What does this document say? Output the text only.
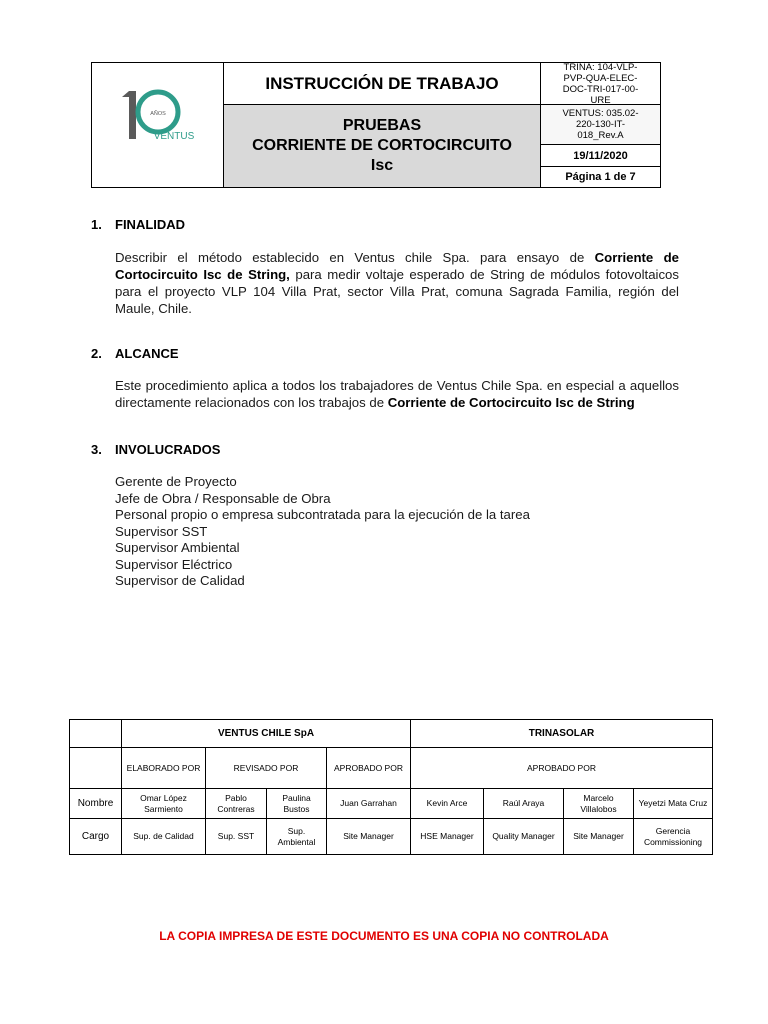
AÑOS
VENTUS
INSTRUCCIÓN DE TRABAJO
PRUEBAS
CORRIENTE DE CORTOCIRCUITO
Isc
TRINA: 104-VLP-PVP-QUA-ELEC-DOC-TRI-017-00-URE
VENTUS: 035.02-220-130-IT-018_Rev.A
19/11/2020
Página 1 de 7
1. FINALIDAD
Describir el método establecido en Ventus chile Spa. para ensayo de Corriente de Cortocircuito Isc de String, para medir voltaje esperado de String de módulos fotovoltaicos para el proyecto VLP 104 Villa Prat, sector Villa Prat, comuna Sagrada Familia, región del Maule, Chile.
2. ALCANCE
Este procedimiento aplica a todos los trabajadores de Ventus Chile Spa. en especial a aquellos directamente relacionados con los trabajos de Corriente de Cortocircuito Isc de String
3. INVOLUCRADOS
Gerente de Proyecto
Jefe de Obra / Responsable de Obra
Personal propio o empresa subcontratada para la ejecución de la tarea
Supervisor SST
Supervisor Ambiental
Supervisor Eléctrico
Supervisor de Calidad
	VENTUS CHILE SpA				TRINASOLAR			
	ELABORADO POR	REVISADO POR		APROBADO POR	APROBADO POR			
Nombre	Omar López Sarmiento	Pablo Contreras	Paulina Bustos	Juan Garrahan	Kevin Arce	Raúl Araya	Marcelo Villalobos	Yeyetzi Mata Cruz
Cargo	Sup. de Calidad	Sup. SST	Sup. Ambiental	Site Manager	HSE Manager	Quality Manager	Site Manager	Gerencia Commissioning
LA COPIA IMPRESA DE ESTE DOCUMENTO ES UNA COPIA NO CONTROLADA
